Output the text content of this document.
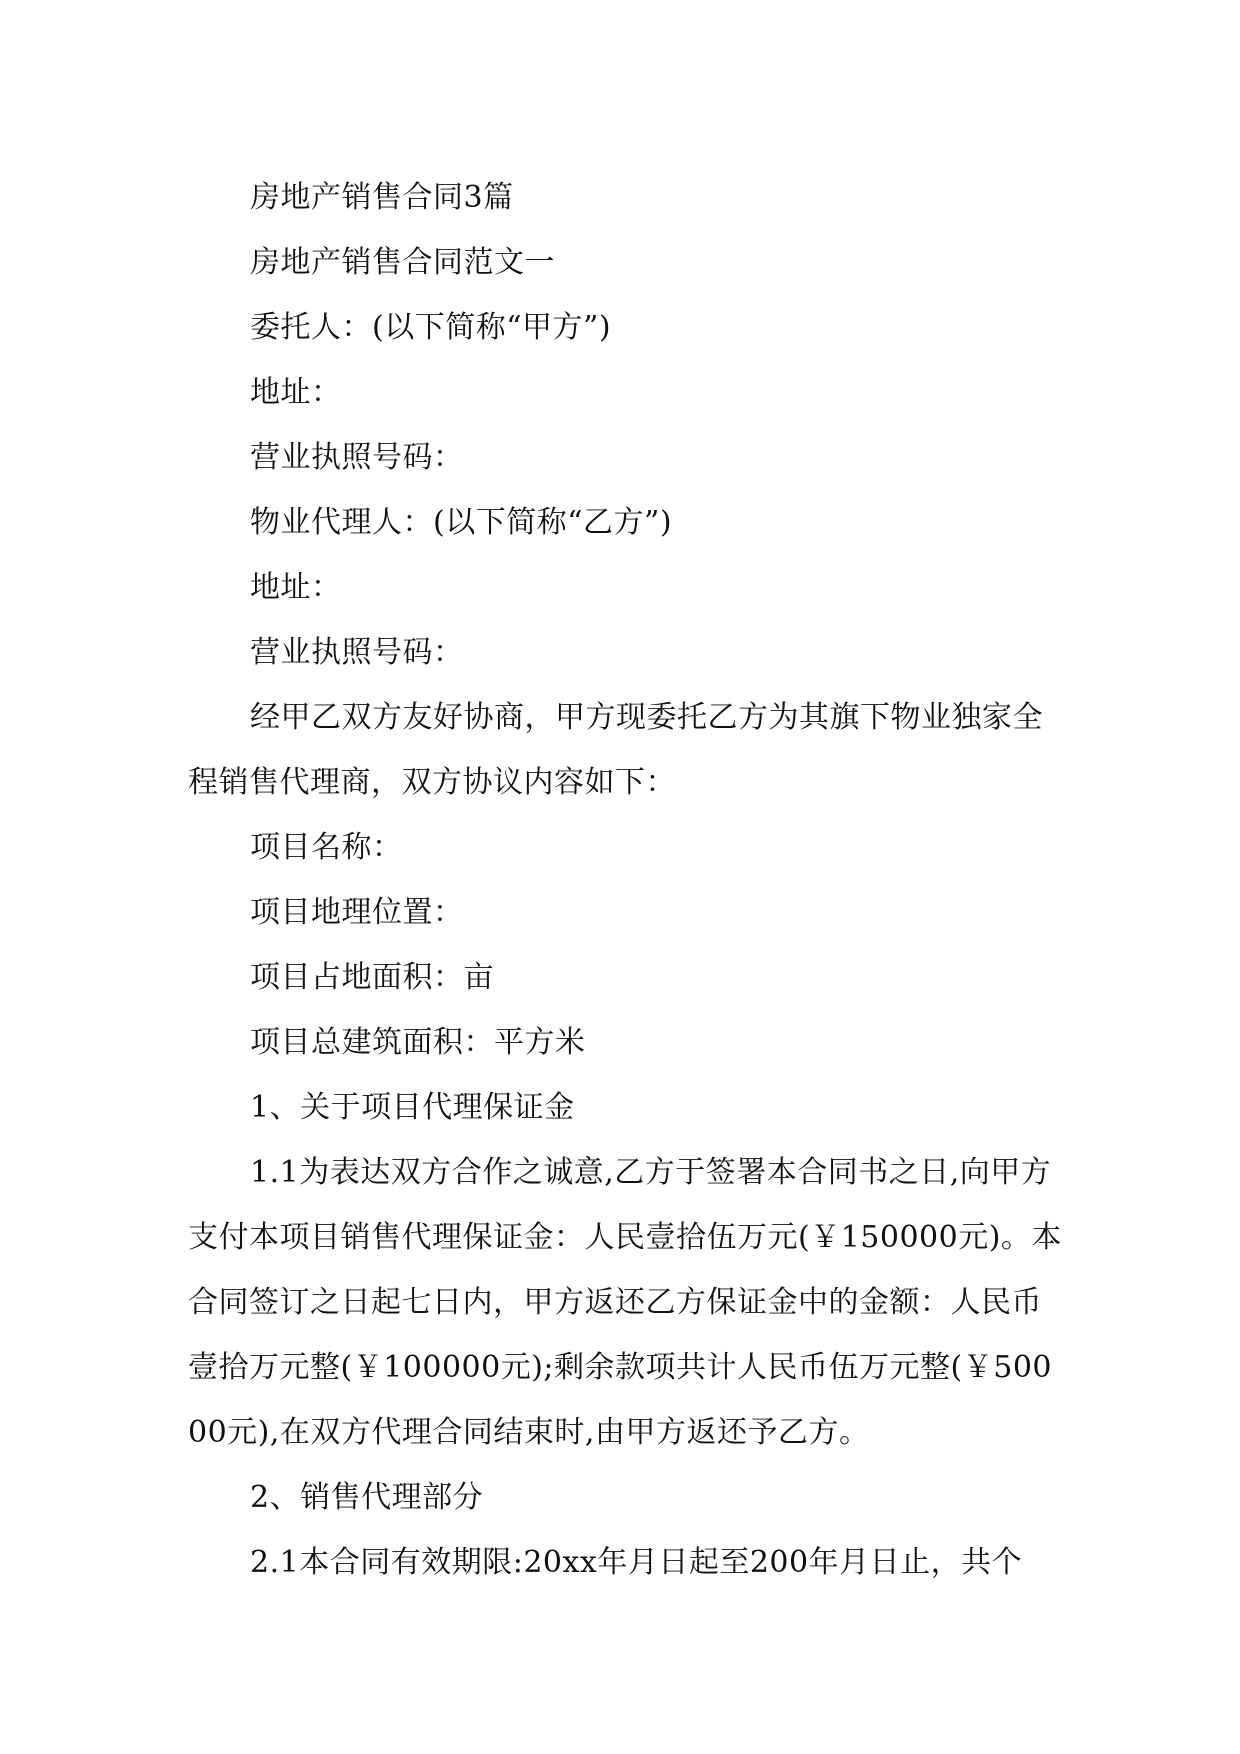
房地产销售合同3篇

房地产销售合同范文一

委托人：(以下简称“甲方”)

地址：

营业执照号码：

物业代理人：(以下简称“乙方”)

地址：

营业执照号码：

经甲乙双方友好协商，甲方现委托乙方为其旗下物业独家全程销售代理商，双方协议内容如下：

项目名称：

项目地理位置：

项目占地面积：亩

项目总建筑面积：平方米

1、关于项目代理保证金

1.1为表达双方合作之诚意,乙方于签署本合同书之日,向甲方支付本项目销售代理保证金：人民壹拾伍万元(￥150000元)。本合同签订之日起七日内，甲方返还乙方保证金中的金额：人民币壹拾万元整(￥100000元);剩余款项共计人民币伍万元整(￥50000元),在双方代理合同结束时,由甲方返还予乙方。

2、销售代理部分

2.1本合同有效期限:20xx年月日起至200年月日止，共个
